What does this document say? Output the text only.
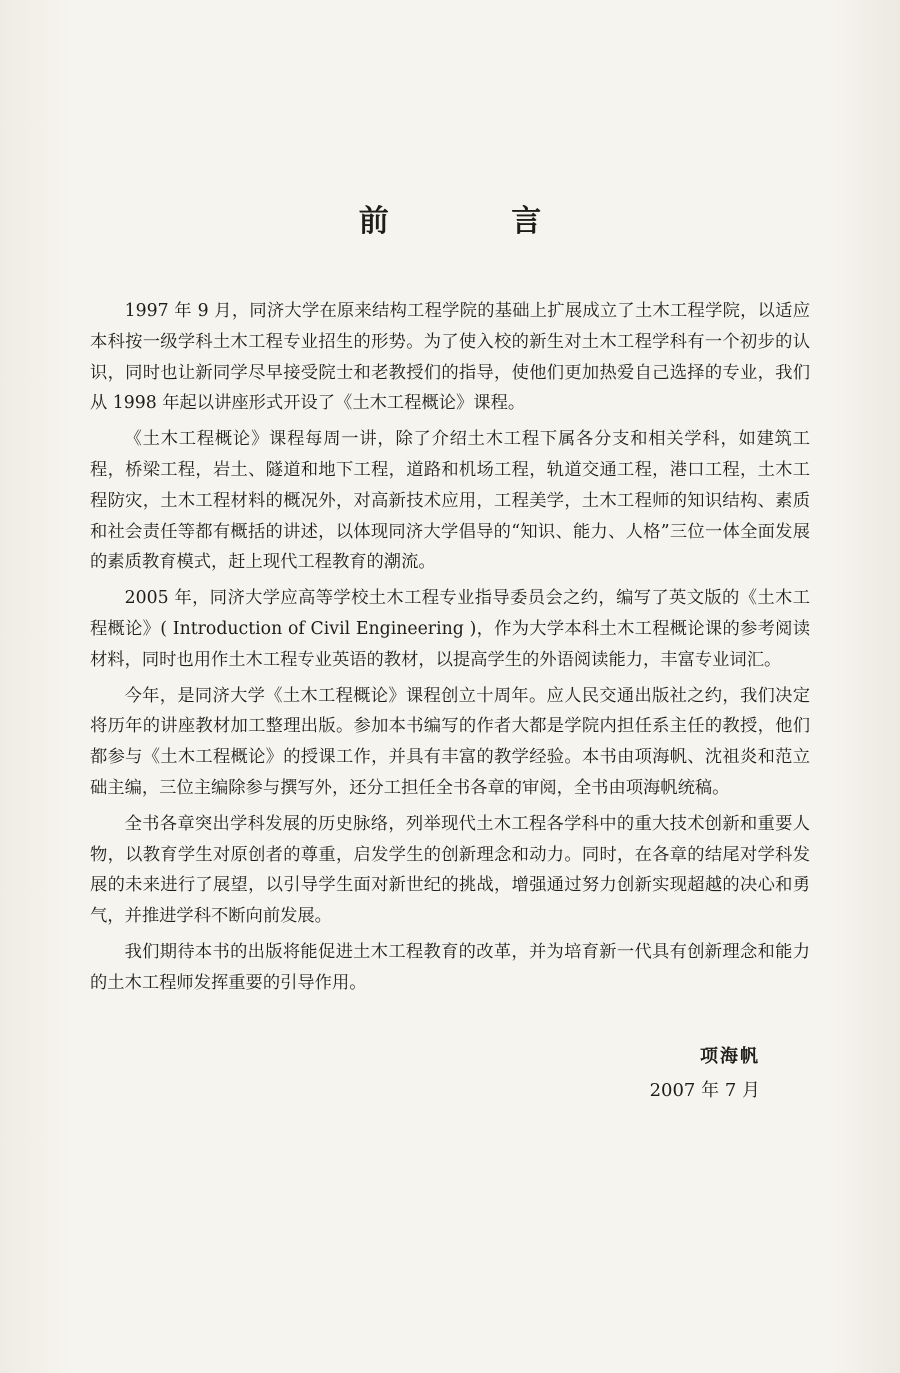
前 言

1997 年 9 月，同济大学在原来结构工程学院的基础上扩展成立了土木工程学院，以适应本科按一级学科土木工程专业招生的形势。为了使入校的新生对土木工程学科有一个初步的认识，同时也让新同学尽早接受院士和老教授们的指导，使他们更加热爱自己选择的专业，我们从 1998 年起以讲座形式开设了《土木工程概论》课程。

《土木工程概论》课程每周一讲，除了介绍土木工程下属各分支和相关学科，如建筑工程，桥梁工程，岩土、隧道和地下工程，道路和机场工程，轨道交通工程，港口工程，土木工程防灾，土木工程材料的概况外，对高新技术应用，工程美学，土木工程师的知识结构、素质和社会责任等都有概括的讲述，以体现同济大学倡导的“知识、能力、人格”三位一体全面发展的素质教育模式，赶上现代工程教育的潮流。

2005 年，同济大学应高等学校土木工程专业指导委员会之约，编写了英文版的《土木工程概论》( Introduction of Civil Engineering )，作为大学本科土木工程概论课的参考阅读材料，同时也用作土木工程专业英语的教材，以提高学生的外语阅读能力，丰富专业词汇。

今年，是同济大学《土木工程概论》课程创立十周年。应人民交通出版社之约，我们决定将历年的讲座教材加工整理出版。参加本书编写的作者大都是学院内担任系主任的教授，他们都参与《土木工程概论》的授课工作，并具有丰富的教学经验。本书由项海帆、沈祖炎和范立础主编，三位主编除参与撰写外，还分工担任全书各章的审阅，全书由项海帆统稿。

全书各章突出学科发展的历史脉络，列举现代土木工程各学科中的重大技术创新和重要人物，以教育学生对原创者的尊重，启发学生的创新理念和动力。同时，在各章的结尾对学科发展的未来进行了展望，以引导学生面对新世纪的挑战，增强通过努力创新实现超越的决心和勇气，并推进学科不断向前发展。

我们期待本书的出版将能促进土木工程教育的改革，并为培育新一代具有创新理念和能力的土木工程师发挥重要的引导作用。

项海帆
2007 年 7 月
